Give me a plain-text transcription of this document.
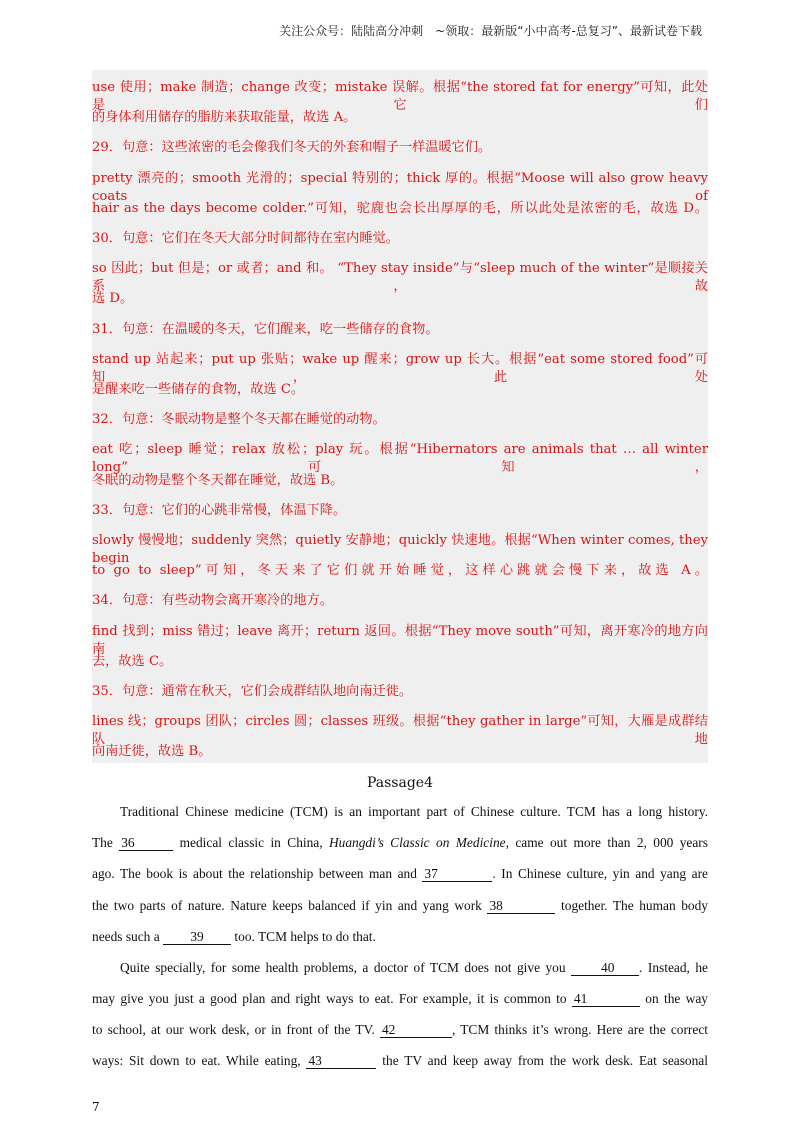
关注公众号：陆陆高分冲刺　~领取：最新版“小中高考-总复习”、最新试卷下载
use 使用；make 制造；change 改变；mistake 误解。根据“the stored fat for energy”可知，此处是它们
的身体利用储存的脂肪来获取能量，故选 A。
29．句意：这些浓密的毛会像我们冬天的外套和帽子一样温暖它们。
pretty 漂亮的；smooth 光滑的；special 特别的；thick 厚的。根据“Moose will also grow heavy coats of
hair as the days become colder.”可知，驼鹿也会长出厚厚的毛，所以此处是浓密的毛，故选 D。
30．句意：它们在冬天大部分时间都待在室内睡觉。
so 因此；but 但是；or 或者；and 和。 “They stay inside”与“sleep much of the winter”是顺接关系，故
选 D。
31．句意：在温暖的冬天，它们醒来，吃一些储存的食物。
stand up 站起来；put up 张贴；wake up 醒来；grow up 长大。根据“eat some stored food”可知，此处
是醒来吃一些储存的食物，故选 C。
32．句意：冬眠动物是整个冬天都在睡觉的动物。
eat 吃；sleep 睡觉；relax 放松；play 玩。根据“Hibernators are animals that … all winter long”可知，
冬眠的动物是整个冬天都在睡觉，故选 B。
33．句意：它们的心跳非常慢，体温下降。
slowly 慢慢地；suddenly 突然；quietly 安静地；quickly 快速地。根据“When winter comes, they begin
to go to sleep”可知，冬天来了它们就开始睡觉，这样心跳就会慢下来，故选 A。
34．句意：有些动物会离开寒冷的地方。
find 找到；miss 错过；leave 离开；return 返回。根据“They move south”可知，离开寒冷的地方向南
去，故选 C。
35．句意：通常在秋天，它们会成群结队地向南迁徙。
lines 线；groups 团队；circles 圆；classes 班级。根据“they gather in large”可知，大雁是成群结队地
向南迁徙，故选 B。
Passage4
Traditional Chinese medicine (TCM) is an important part of Chinese culture. TCM has a long history.
The 36	medical classic in China, Huangdi’s Classic on Medicine, came out more than 2, 000 years
ago. The book is about the relationship between man and 37	. In Chinese culture, yin and yang are
the two parts of nature. Nature keeps balanced if yin and yang work 38	together. The human body
needs such a 39 too. TCM helps to do that.
Quite specially, for some health problems, a doctor of TCM does not give you	40 . Instead, he
may give you just a good plan and right ways to eat. For example, it is common to 41	on the way
to school, at our work desk, or in front of the TV. 42	, TCM thinks it’s wrong. Here are the correct
ways: Sit down to eat. While eating, 43	the TV and keep away from the work desk. Eat seasonal
7
